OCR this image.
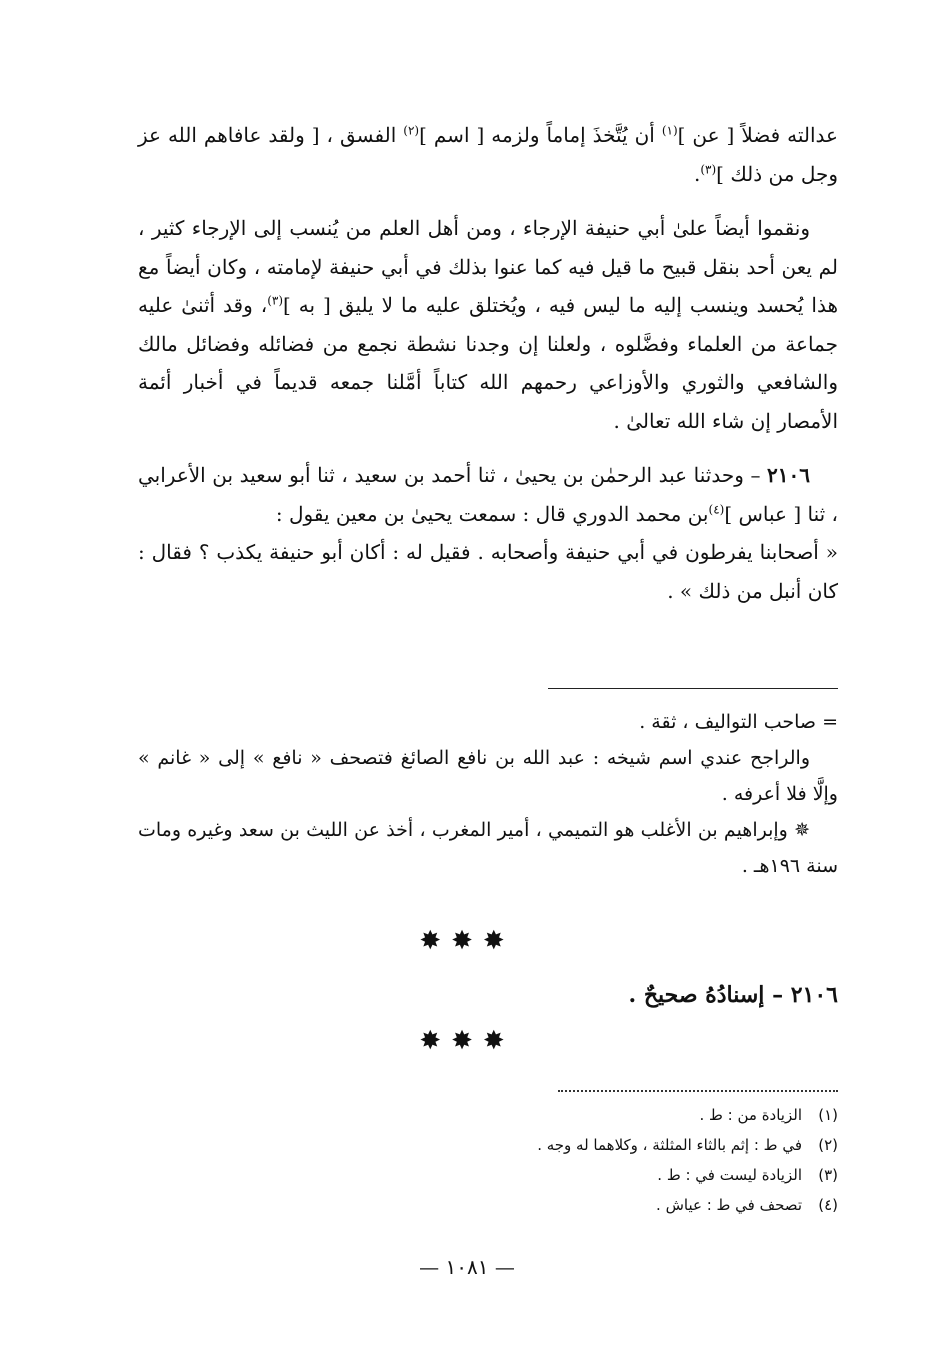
عدالته فضلاً [ عن ]$^{(١)}$ أن يُتَّخذَ إماماً ولزمه [ اسم ]$^{(٢)}$ الفسق ، [ ولقد عافاهم الله عز وجل من ذلك ]$^{(٣)}$.

ونقموا أيضاً علىٰ أبي حنيفة الإرجاء ، ومن أهل العلم من يُنسب إلى الإرجاء كثير ، لم يعن أحد بنقل قبيح ما قيل فيه كما عنوا بذلك في أبي حنيفة لإمامته ، وكان أيضاً مع هذا يُحسد وينسب إليه ما ليس فيه ، ويُختلق عليه ما لا يليق [ به ]$^{(٣)}$، وقد أثنىٰ عليه جماعة من العلماء وفضَّلوه ، ولعلنا إن وجدنا نشطة نجمع من فضائله وفضائل مالك والشافعي والثوري والأوزاعي رحمهم الله كتاباً أمَّلنا جمعه قديماً في أخبار أئمة الأمصار إن شاء الله تعالىٰ .

٢١٠٦ – وحدثنا عبد الرحمٰن بن يحيىٰ ، ثنا أحمد بن سعيد ، ثنا أبو سعيد بن الأعرابي ، ثنا [ عباس ]$^{(٤)}$بن محمد الدوري قال : سمعت يحيىٰ بن معين يقول :

« أصحابنا يفرطون في أبي حنيفة وأصحابه . فقيل له : أكان أبو حنيفة يكذب ؟ فقال : كان أنبل من ذلك » .

= صاحب التواليف ، ثقة .

والراجح عندي اسم شيخه : عبد الله بن نافع الصائغ فتصحف « نافع » إلى « غانم » وإلَّا فلا أعرفه .

✵ وإبراهيم بن الأغلب هو التميمي ، أمير المغرب ، أخذ عن الليث بن سعد وغيره ومات سنة ١٩٦هـ .

✸✸✸
٢١٠٦ – إسنادُهُ صحيحٌ .
✸✸✸
(١)الزيادة من : ط .
(٢)في ط : إثم بالثاء المثلثة ، وكلاهما له وجه .
(٣)الزيادة ليست في : ط .
(٤)تصحف في ط : عياش .
— ١٠٨١ —
